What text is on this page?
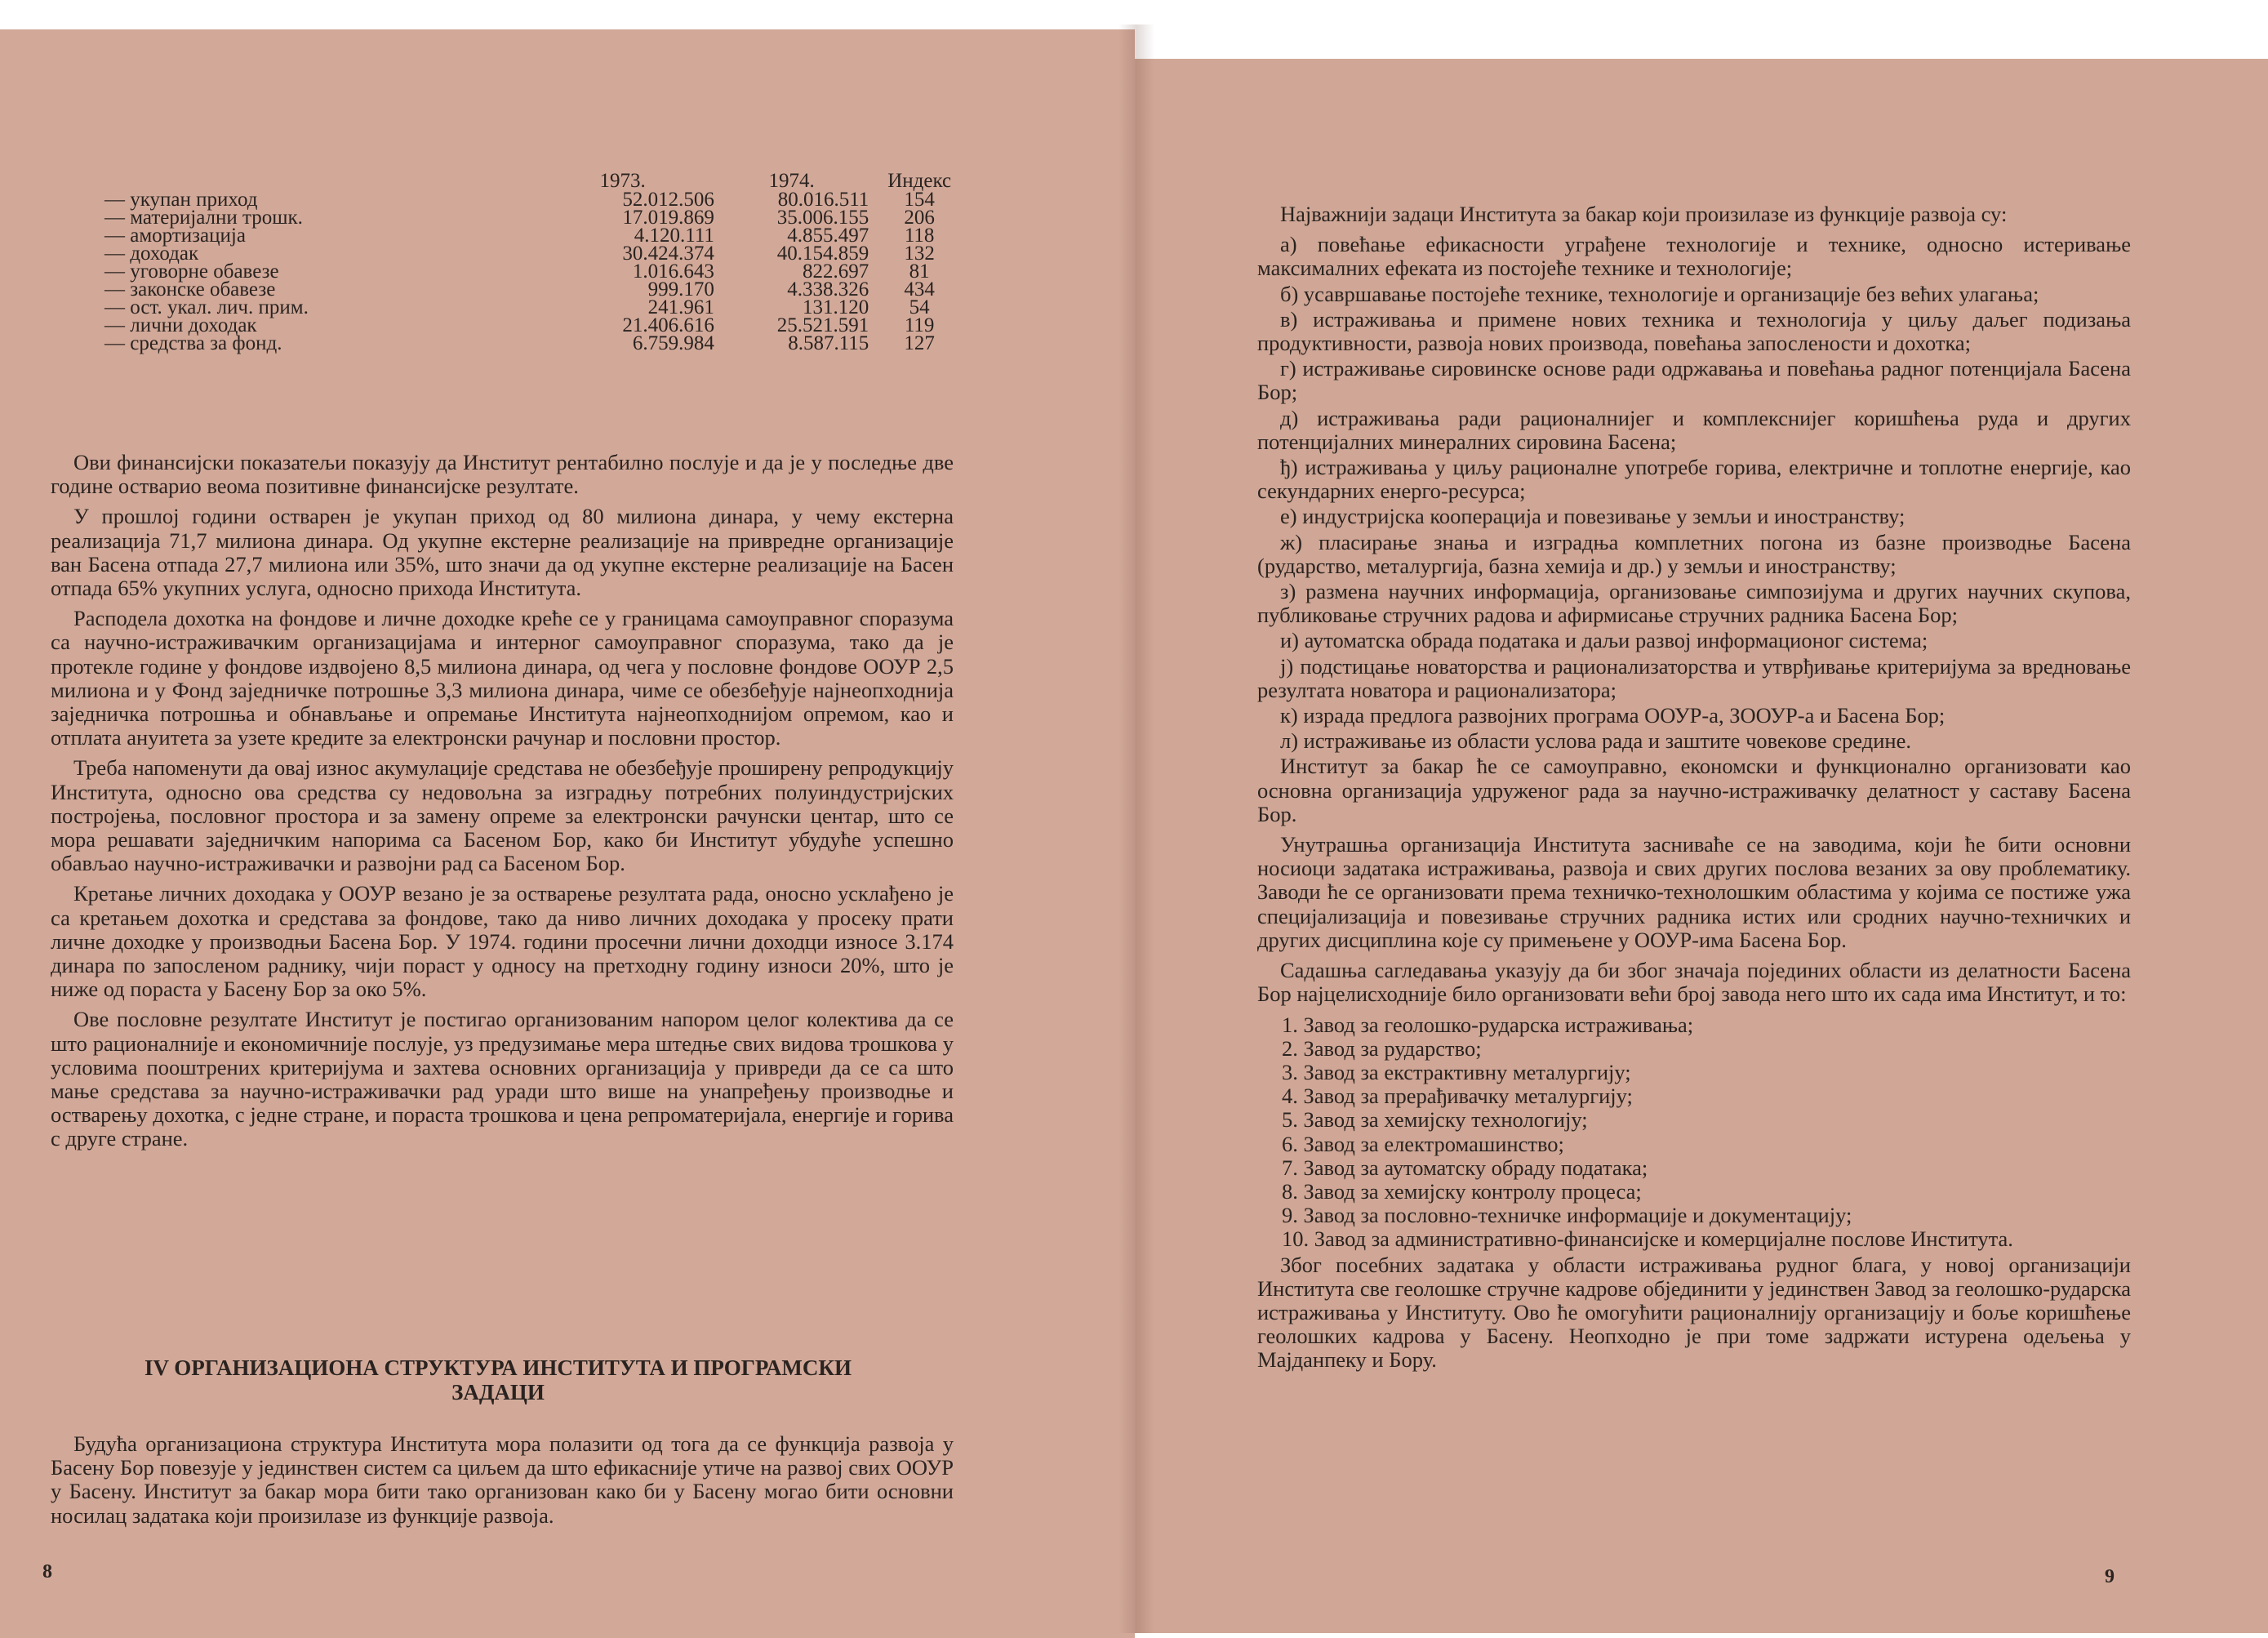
	1973.	1974.	Индекс
— укупан приход	52.012.506	80.016.511	154
— материјални трошк.	17.019.869	35.006.155	206
— амортизација	4.120.111	4.855.497	118
— доходак	30.424.374	40.154.859	132
— уговорне обавезе	1.016.643	822.697	81
— законске обавезе	999.170	4.338.326	434
— ост. укал. лич. прим.	241.961	131.120	54
— лични доходак	21.406.616	25.521.591	119
— средства за фонд.	6.759.984	8.587.115	127

Ови финансијски показатељи показују да Институт рентабилно послује и да је у последње две године остварио веома позитивне финансијске резултате.

У прошлој години остварен је укупан приход од 80 милиона динара, у чему екстерна реализација 71,7 милиона динара. Од укупне екстерне реализације на привредне организације ван Басена отпада 27,7 милиона или 35%, што значи да од укупне екстерне реализације на Басен отпада 65% укупних услуга, односно прихода Института.

Расподела дохотка на фондове и личне доходке креће се у границама самоуправног споразума са научно-истраживачким организацијама и интерног самоуправног споразума, тако да је протекле године у фондове издвојено 8,5 милиона динара, од чега у пословне фондове ООУР 2,5 милиона и у Фонд заједничке потрошње 3,3 милиона динара, чиме се обезбеђује најнеопходнија заједничка потрошња и обнављање и опремање Института најнеопходнијом опремом, као и отплата ануитета за узете кредите за електронски рачунар и пословни простор.

Треба напоменути да овај износ акумулације средстава не обезбеђује проширену репродукцију Института, односно ова средства су недовољна за изградњу потребних полуиндустријских постројења, пословног простора и за замену опреме за електронски рачунски центар, што се мора решавати заједничким напорима са Басеном Бор, како би Институт убудуће успешно обављао научно-истраживачки и развојни рад са Басеном Бор.

Кретање личних доходака у ООУР везано је за остварење резултата рада, оносно усклађено је са кретањем дохотка и средстава за фондове, тако да ниво личних доходака у просеку прати личне доходке у производњи Басена Бор. У 1974. години просечни лични доходци износе 3.174 динара по запосленом раднику, чији пораст у односу на претходну годину износи 20%, што је ниже од пораста у Басену Бор за око 5%.

Ове пословне резултате Институт је постигао организованим напором целог колектива да се што рационалније и економичније послује, уз предузимање мера штедње свих видова трошкова у условима пооштрених критеријума и захтева основних организација у привреди да се са што мање средстава за научно-истраживачки рад уради што више на унапређењу производње и остварењу дохотка, с једне стране, и пораста трошкова и цена репроматеријала, енергије и горива с друге стране.

IV ОРГАНИЗАЦИОНА СТРУКТУРА ИНСТИТУТА И ПРОГРАМСКИ ЗАДАЦИ

Будућа организациона структура Института мора полазити од тога да се функција развоја у Басену Бор повезује у јединствен систем са циљем да што ефикасније утиче на развој свих ООУР у Басену. Институт за бакар мора бити тако организован како би у Басену могао бити основни носилац задатака који произилазе из функције развоја.

8

Најважнији задаци Института за бакар који произилазе из функције развоја су:

а) повећање ефикасности уграђене технологије и технике, односно истеривање максималних ефеката из постојеће технике и технологије;

б) усавршавање постојеће технике, технологије и организације без већих улагања;

в) истраживања и примене нових техника и технологија у циљу даљег подизања продуктивности, развоја нових производа, повећања запослености и дохотка;

г) истраживање сировинске основе ради одржавања и повећања радног потенцијала Басена Бор;

д) истраживања ради рационалнијег и комплекснијег коришћења руда и других потенцијалних минералних сировина Басена;

ђ) истраживања у циљу рационалне употребе горива, електричне и топлотне енергије, као секундарних енерго-ресурса;

е) индустријска кооперација и повезивање у земљи и иностранству;

ж) пласирање знања и изградња комплетних погона из базне производње Басена (рударство, металургија, базна хемија и др.) у земљи и иностранству;

з) размена научних информација, организовање симпозијума и других научних скупова, публиковање стручних радова и афирмисање стручних радника Басена Бор;

и) аутоматска обрада података и даљи развој информационог система;

ј) подстицање новаторства и рационализаторства и утврђивање критеријума за вредновање резултата новатора и рационализатора;

к) израда предлога развојних програма ООУР-а, ЗООУР-а и Басена Бор;

л) истраживање из области услова рада и заштите човекове средине.

Институт за бакар ће се самоуправно, економски и функционално организовати као основна организација удруженог рада за научно-истраживачку делатност у саставу Басена Бор.

Унутрашња организација Института засниваће се на заводима, који ће бити основни носиоци задатака истраживања, развоја и свих других послова везаних за ову проблематику. Заводи ће се организовати према техничко-технолошким областима у којима се постиже ужа специјализација и повезивање стручних радника истих или сродних научно-техничких и других дисциплина које су примењене у ООУР-има Басена Бор.

Садашња сагледавања указују да би због значаја појединих области из делатности Басена Бор најцелисходније било организовати већи број завода него што их сада има Институт, и то:

1. Завод за геолошко-рударска истраживања;
2. Завод за рударство;
3. Завод за екстрактивну металургију;
4. Завод за прерађивачку металургију;
5. Завод за хемијску технологију;
6. Завод за електромашинство;
7. Завод за аутоматску обраду података;
8. Завод за хемијску контролу процеса;
9. Завод за пословно-техничке информације и документацију;
10. Завод за административно-финансијске и комерцијалне послове Института.

Због посебних задатака у области истраживања рудног блага, у новој организацији Института све геолошке стручне кадрове објединити у јединствен Завод за геолошко-рударска истраживања у Институту. Ово ће омогућити рационалнију организацију и боље коришћење геолошких кадрова у Басену. Неопходно је при томе задржати истурена одељења у Мајданпеку и Бору.

9
